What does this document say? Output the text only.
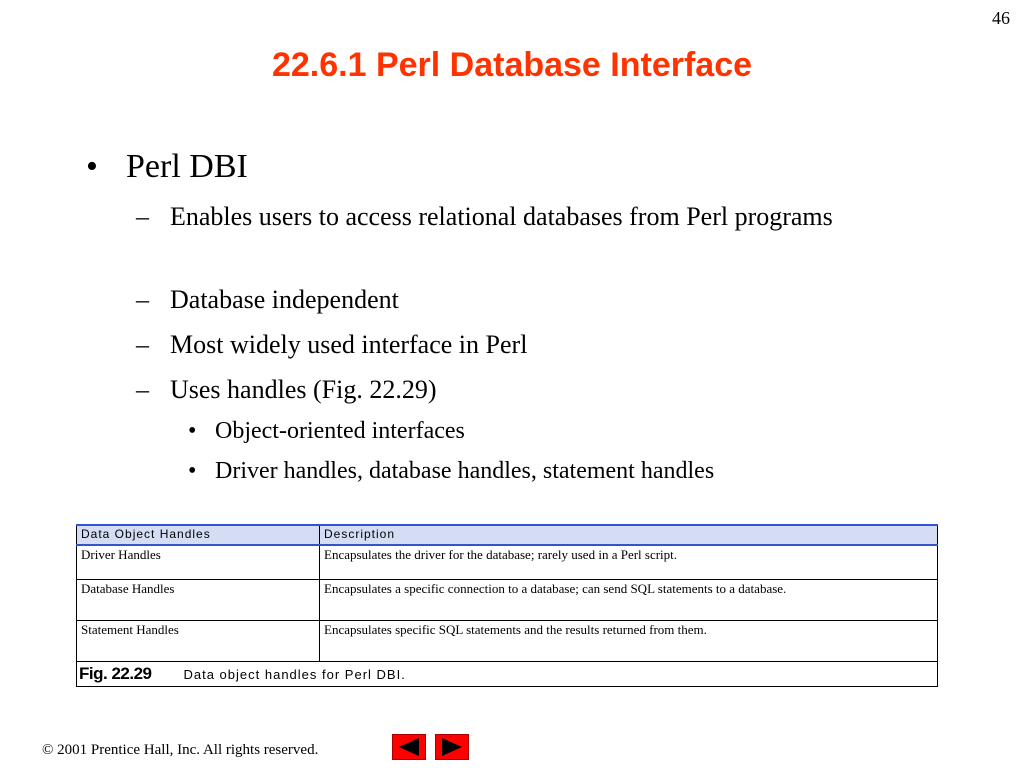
46
22.6.1 Perl Database Interface
• Perl DBI
– Enables users to access relational databases from Perl programs
– Database independent
– Most widely used interface in Perl
– Uses handles (Fig. 22.29)
• Object-oriented interfaces
• Driver handles, database handles, statement handles
Data Object Handles	Description
Driver Handles	Encapsulates the driver for the database; rarely used in a Perl script.
Database Handles	Encapsulates a specific connection to a database; can send SQL statements to a database.
Statement Handles	Encapsulates specific SQL statements and the results returned from them.
Fig. 22.29 Data object handles for Perl DBI.	
© 2001 Prentice Hall, Inc. All rights reserved.
